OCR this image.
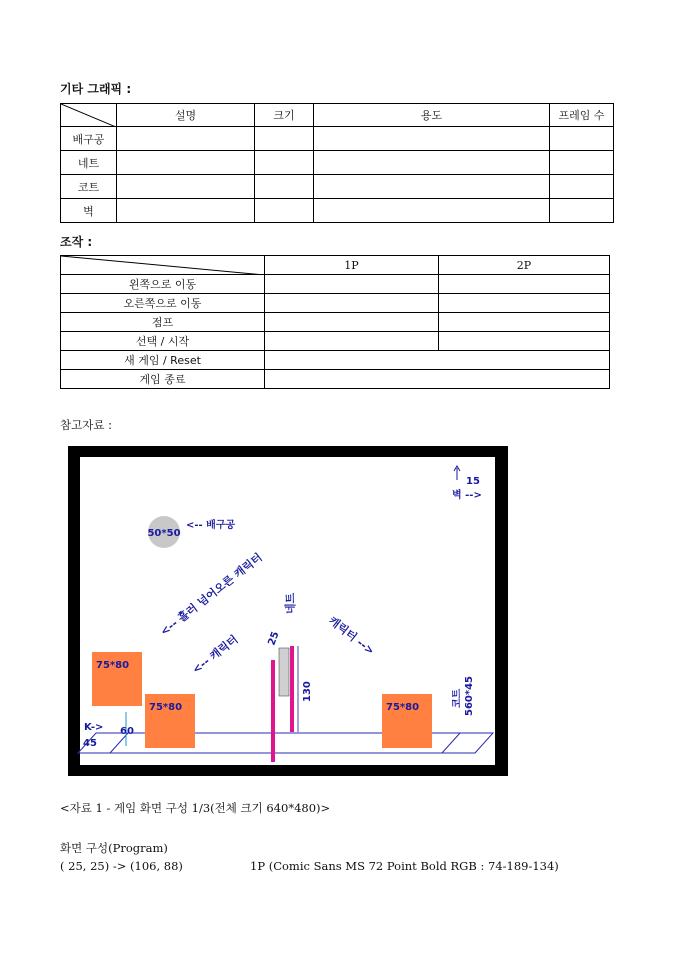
기타 그래픽 :
	설명	크기	용도	프레임 수
배구공				
네트				
코트				
벽				
조작 :
	1P	2P
왼쪽으로 이동		
오른쪽으로 이동		
점프		
선택 / 시작		
새 게임 / Reset		
게임 종료		
참고자료 :
50*50
<-- 배구공
벽 -->
15
<-- 흘러 넘어오른 캐릭터
75*80
75*80
<-- 캐릭터
K->
45
60
네트
130
25	캐릭터 -->
75*80	코트 560*45
<자료 1 - 게임 화면 구성 1/3(전체 크기 640*480)>
화면 구성(Program)
( 25, 25) -> (106, 88)	1P (Comic Sans MS 72 Point Bold RGB : 74-189-134)
